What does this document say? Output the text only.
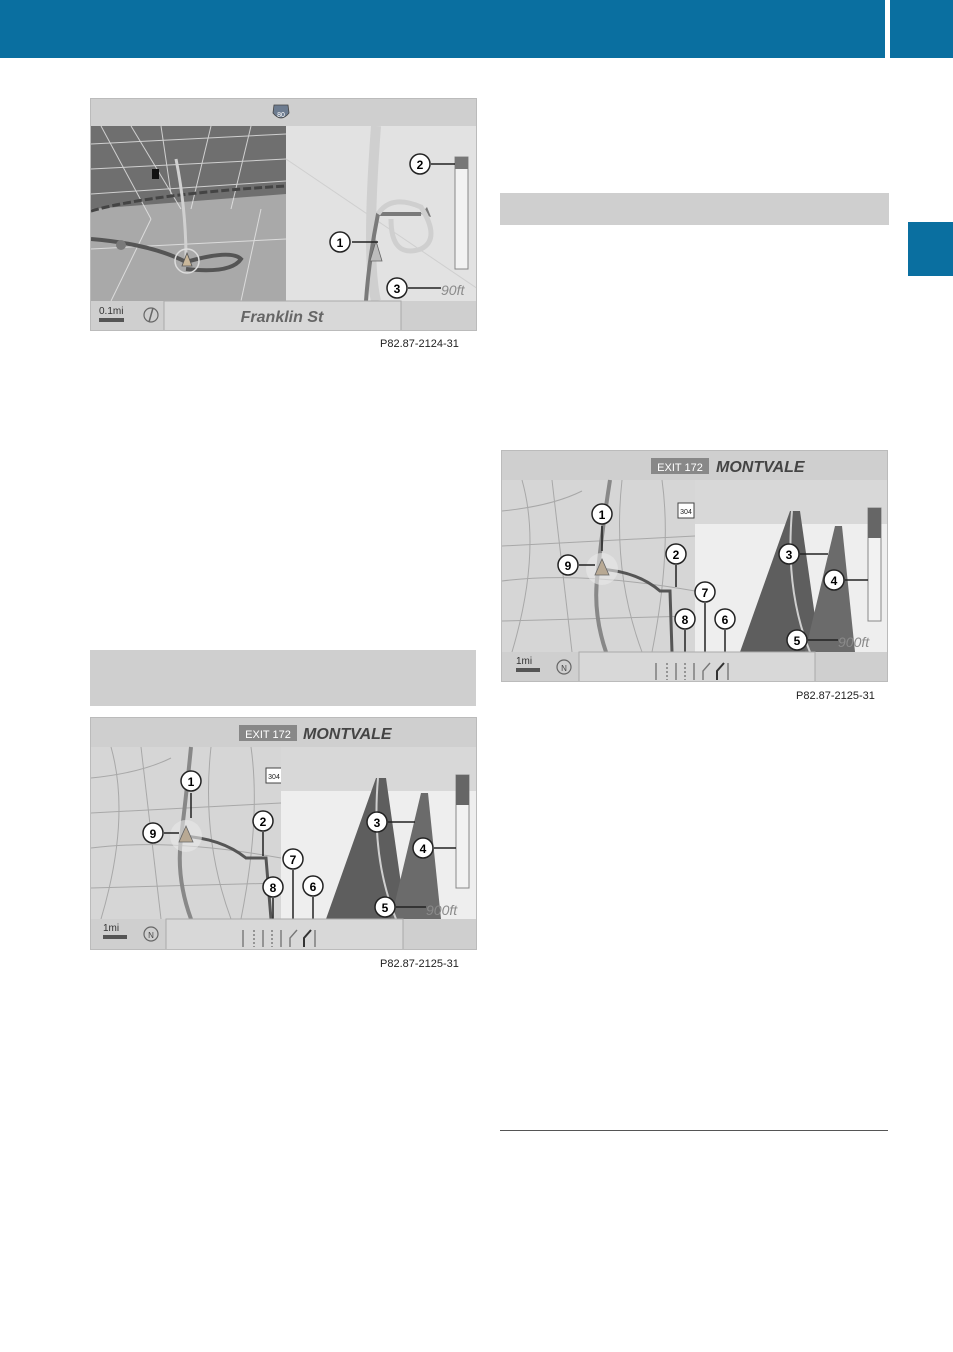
80
90ft
1
2
3
0.1mi	Franklin St
P82.87-2124-31
EXIT 172 MONTVALE
304
900ft
1
2	3
4
5
6
7
8
9
1mi
N
P82.87-2125-31
EXIT 172 MONTVALE
304
900ft
1
2	3
4
5
6
7
8
9
1mi
N
P82.87-2125-31
